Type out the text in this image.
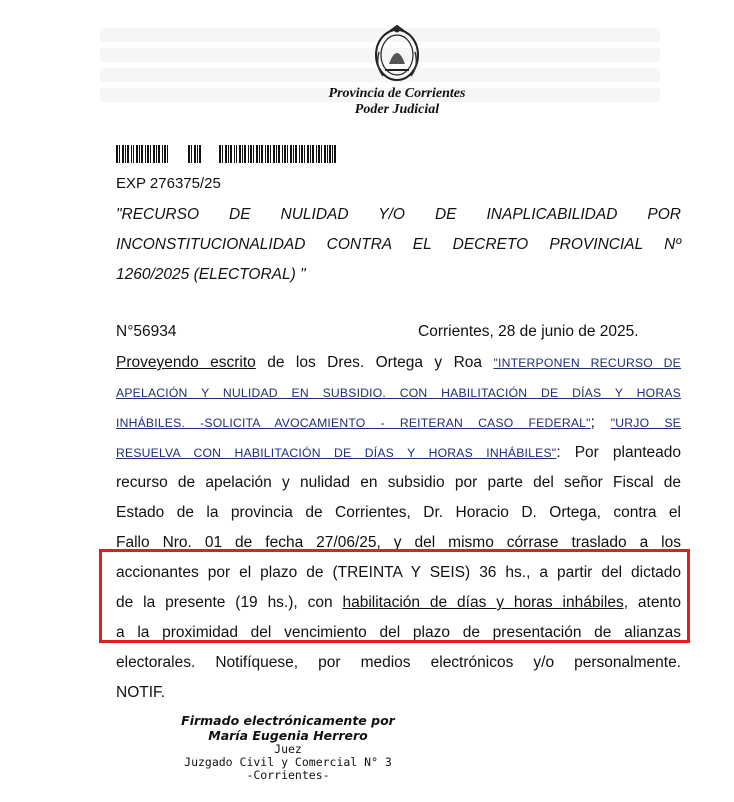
Provincia de Corrientes
Poder Judicial
EXP 276375/25
"RECURSO DE NULIDAD Y/O DE INAPLICABILIDAD POR
INCONSTITUCIONALIDAD CONTRA EL DECRETO PROVINCIAL Nº
1260/2025 (ELECTORAL) "
N°56934	Corrientes, 28 de junio de 2025.
Proveyendo escrito de los Dres. Ortega y Roa "INTERPONEN RECURSO DE
APELACIÓN Y NULIDAD EN SUBSIDIO. CON HABILITACIÓN DE DÍAS Y HORAS
INHÁBILES. -SOLICITA AVOCAMIENTO - REITERAN CASO FEDERAL"; "URJO SE
RESUELVA CON HABILITACIÓN DE DÍAS Y HORAS INHÁBILES": Por planteado
recurso de apelación y nulidad en subsidio por parte del señor Fiscal de
Estado de la provincia de Corrientes, Dr. Horacio D. Ortega, contra el
Fallo Nro. 01 de fecha 27/06/25, y del mismo córrase traslado a los
accionantes por el plazo de (TREINTA Y SEIS) 36 hs., a partir del dictado
de la presente (19 hs.), con habilitación de días y horas inhábiles, atento
a la proximidad del vencimiento del plazo de presentación de alianzas
electorales. Notifíquese, por medios electrónicos y/o personalmente.
NOTIF.
Firmado electrónicamente por
María Eugenia Herrero
Juez
Juzgado Civil y Comercial N° 3
-Corrientes-
